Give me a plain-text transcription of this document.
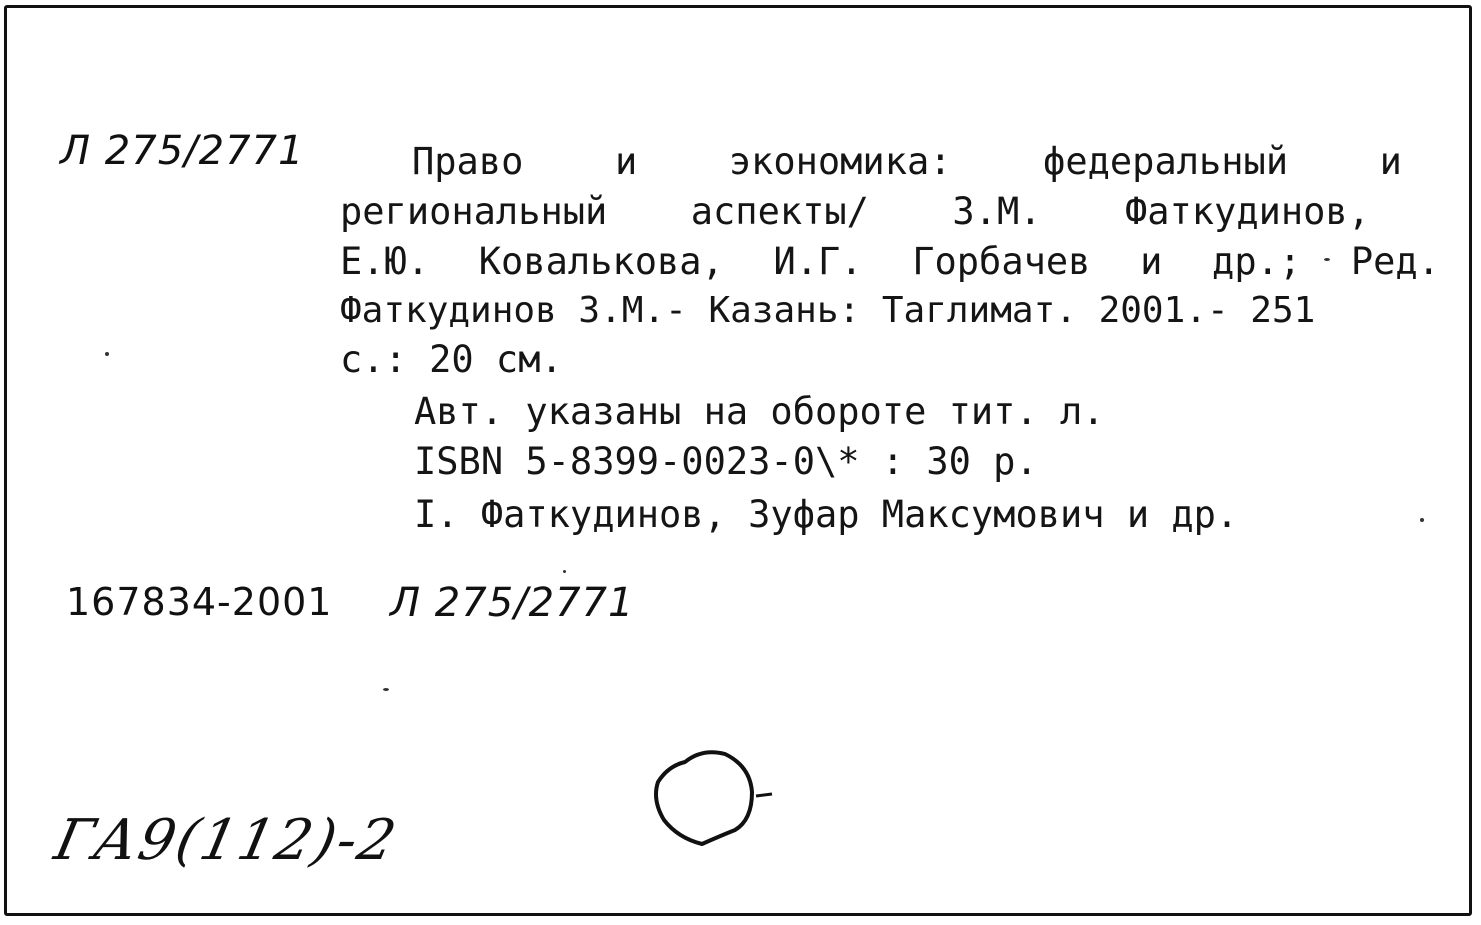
Л 275/2771	Право и экономика: федеральный и
региональный аспекты/ З.М. Фаткудинов,
Е.Ю. Ковалькова, И.Г. Горбачев и др.; Ред.
Фаткудинов З.М.- Казань: Таглимат. 2001.- 251
с.: 20 см.
Авт. указаны на обороте тит. л.
ISBN 5-8399-0023-0\* : 30 р.
I. Фаткудинов, Зуфар Максумович и др.
167834-2001 Л 275/2771
ГА9(112)-2
